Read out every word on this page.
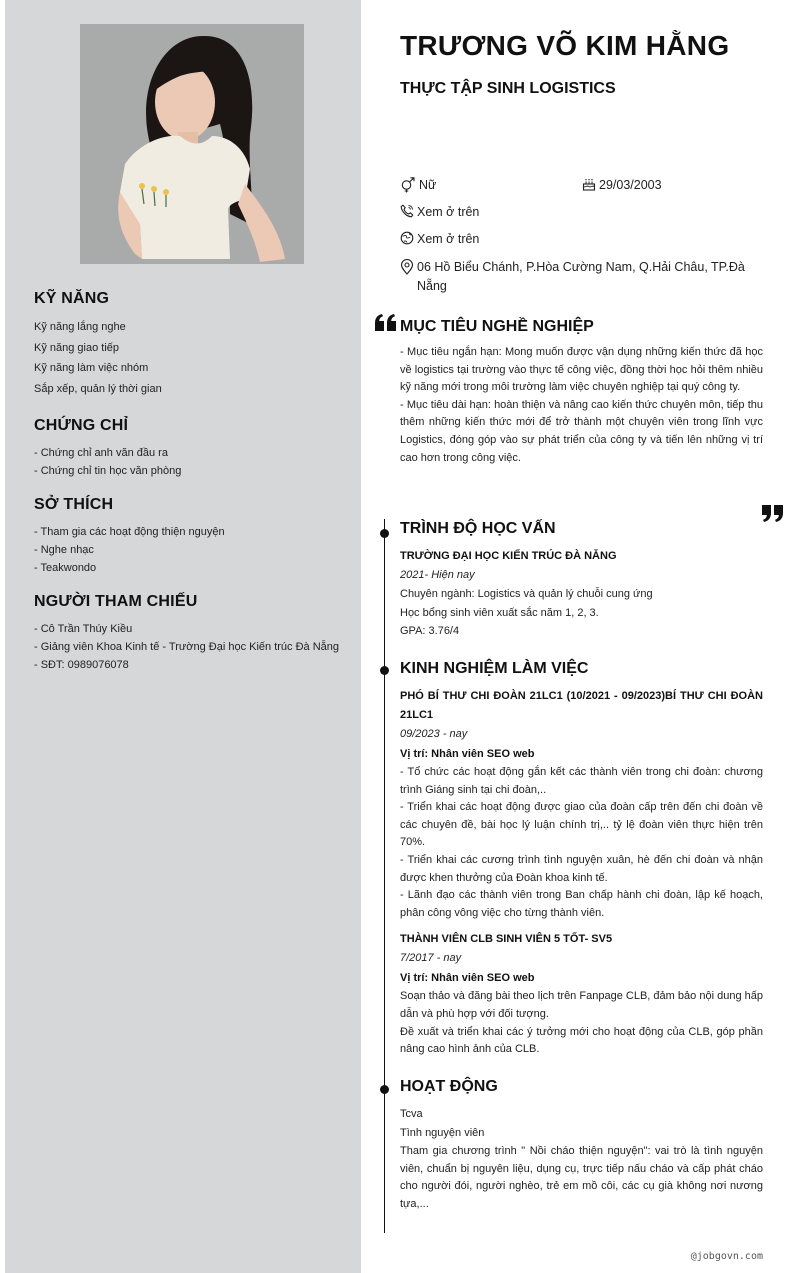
KỸ NĂNG
Kỹ năng lắng nghe
Kỹ năng giao tiếp
Kỹ năng làm việc nhóm
Sắp xếp, quản lý thời gian
CHỨNG CHỈ
- Chứng chỉ anh văn đầu ra
- Chứng chỉ tin học văn phòng
SỞ THÍCH
- Tham gia các hoạt động thiện nguyện
- Nghe nhạc
- Teakwondo
NGƯỜI THAM CHIẾU
- Cô Trần Thúy Kiều
- Giảng viên Khoa Kinh tế - Trường Đại học Kiến trúc Đà Nẵng
- SĐT: 0989076078
TRƯƠNG VÕ KIM HẰNG
THỰC TẬP SINH LOGISTICS
Nữ	29/03/2003
Xem ở trên
Xem ở trên
06 Hồ Biểu Chánh, P.Hòa Cường Nam, Q.Hải Châu, TP.Đà Nẵng
MỤC TIÊU NGHỀ NGHIỆP

- Mục tiêu ngắn hạn: Mong muốn được vận dụng những kiến thức đã học về logistics tại trường vào thực tế công việc, đồng thời học hỏi thêm nhiều kỹ năng mới trong môi trường làm việc chuyên nghiệp tại quý công ty.

- Mục tiêu dài hạn: hoàn thiện và nâng cao kiến thức chuyên môn, tiếp thu thêm những kiến thức mới để trở thành một chuyên viên trong lĩnh vực Logistics, đóng góp vào sự phát triển của công ty và tiến lên những vị trí cao hơn trong công việc.

TRÌNH ĐỘ HỌC VẤN

TRƯỜNG ĐẠI HỌC KIẾN TRÚC ĐÀ NẴNG

2021- Hiện nay

Chuyên ngành: Logistics và quản lý chuỗi cung ứng

Học bổng sinh viên xuất sắc năm 1, 2, 3.

GPA: 3.76/4

KINH NGHIỆM LÀM VIỆC

PHÓ BÍ THƯ CHI ĐOÀN 21LC1 (10/2021 - 09/2023)BÍ THƯ CHI ĐOÀN 21LC1

09/2023 - nay

Vị trí: Nhân viên SEO web

- Tổ chức các hoạt động gắn kết các thành viên trong chi đoàn: chương trình Giáng sinh tại chi đoàn,..

- Triển khai các hoạt động được giao của đoàn cấp trên đến chi đoàn về các chuyên đề, bài học lý luận chính trị,.. tỷ lệ đoàn viên thực hiện trên 70%.

- Triển khai các cương trình tình nguyện xuân, hè đến chi đoàn và nhận được khen thưởng của Đoàn khoa kinh tế.

- Lãnh đạo các thành viên trong Ban chấp hành chi đoàn, lập kế hoạch, phân công vông việc cho từng thành viên.

THÀNH VIÊN CLB SINH VIÊN 5 TỐT- SV5

7/2017 - nay

Vị trí: Nhân viên SEO web

Soạn thảo và đăng bài theo lịch trên Fanpage CLB, đảm bảo nội dung hấp dẫn và phù hợp với đối tượng.

Đề xuất và triển khai các ý tưởng mới cho hoạt động của CLB, góp phần nâng cao hình ảnh của CLB.

HOẠT ĐỘNG

Tcva

Tình nguyện viên

Tham gia chương trình " Nồi cháo thiện nguyện": vai trò là tình nguyện viên, chuẩn bị nguyên liệu, dụng cụ, trực tiếp nấu cháo và cấp phát cháo cho người đói, người nghèo, trẻ em mồ côi, các cụ già không nơi nương tựa,...

@jobgovn.com
